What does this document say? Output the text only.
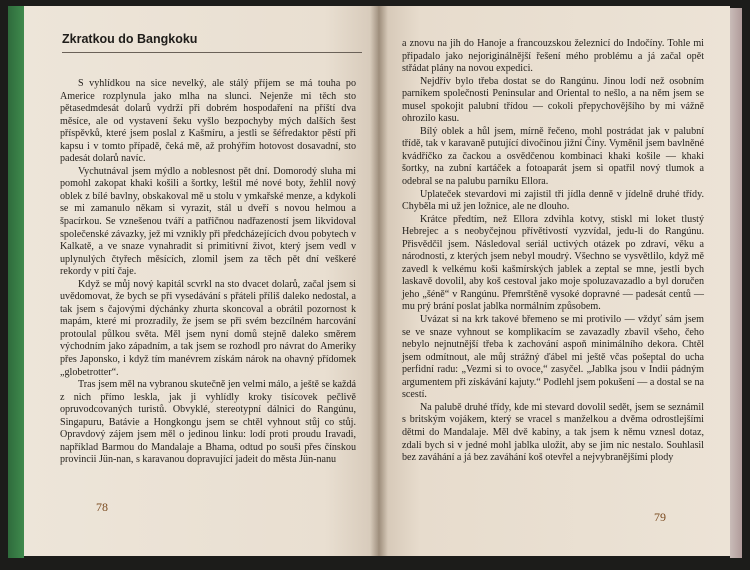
Zkratkou do Bangkoku

S vyhlídkou na sice nevelký, ale stálý příjem se má touha po Americe rozplynula jako mlha na slunci. Nejenže mi těch sto pětasedmdesát dolarů vydrží při dobrém hospodaření na příští dva měsíce, ale od vystavení šeku vyšlo bezpochyby mých dalších šest příspěvků, které jsem poslal z Kašmíru, a jestli se šéfredaktor pěstí při kapsu i v tomto případě, čeká mě, až prohýřím hotovost dosavadní, sto padesát dolarů navíc.

Vychutnával jsem mýdlo a noblesnost pět dní. Domorodý sluha mi pomohl zakopat khaki košili a šortky, leštil mé nové boty, žehlil nový oblek z bílé bavlny, obskakoval mě u stolu v ymkařské menze, a kdykoli se mi zamanulo někam si vyrazit, stál u dveří s novou helmou a špacírkou. Se vznešenou tváří a patřičnou nadřazeností jsem likvidoval společenské závazky, jež mi vznikly při předcházejících dvou pobytech v Kalkatě, a ve snaze vynahradit si primitivní život, který jsem vedl v uplynulých čtyřech měsících, zlomil jsem za těch pět dní veškeré rekordy v pití čaje.

Když se můj nový kapitál scvrkl na sto dvacet dolarů, začal jsem si uvědomovat, že bych se při vysedávání s přáteli příliš daleko nedostal, a tak jsem s čajovými dýchánky zhurta skoncoval a obrátil pozornost k mapám, které mi prozradily, že jsem se při svém bezcílném harcování protoulal půlkou světa. Měl jsem nyní domů stejně daleko směrem východním jako západním, a tak jsem se rozhodl pro návrat do Ameriky přes Japonsko, i když tím manévrem získám nárok na ohavný přídomek „globetrotter“.

Tras jsem měl na vybranou skutečně jen velmi málo, a ještě se každá z nich přímo leskla, jak ji vyhlídly kroky tisícovek pečlivě opruvodcovaných turistů. Obvyklé, stereotypní dálnici do Rangúnu, Singapuru, Batávie a Hongkongu jsem se chtěl vyhnout stůj co stůj. Opravdový zájem jsem měl o jedinou linku: lodí proti proudu Iravadi, například Barmou do Mandalaje a Bhama, odtud po souši přes čínskou provincii Jün-nan, s karavanou dopravující jadeit do města Jün-nanu

a znovu na jih do Hanoje a francouzskou železnicí do Indočíny. Tohle mi připadalo jako nejoriginálnější řešení mého problému a já začal opět střádat plány na novou expedici.

Nejdřív bylo třeba dostat se do Rangúnu. Jinou lodí než osobním parníkem společnosti Peninsular and Oriental to nešlo, a na něm jsem se musel spokojit palubní třídou — cokoli přepychovějšího by mi vážně ohrozilo kasu.

Bílý oblek a hůl jsem, mírně řečeno, mohl postrádat jak v palubní třídě, tak v karavaně putující divočinou jižní Číny. Vyměnil jsem bavlněné kvádříčko za čackou a osvědčenou kombinaci khaki košile — khaki šortky, na zubní kartáček a fotoaparát jsem si opatřil nový tlumok a odebral se na palubu parníku Ellora.

Uplateček stevardovi mi zajistil tři jídla denně v jídelně druhé třídy. Chyběla mi už jen ložnice, ale ne dlouho.

Krátce předtím, než Ellora zdvihla kotvy, stiskl mi loket tlustý Hebrejec a s neobyčejnou přívětivostí vyzvídal, jedu-li do Rangúnu. Přisvědčil jsem. Následoval seriál uctivých otázek po zdraví, věku a národnosti, z kterých jsem nebyl moudrý. Všechno se vysvětlilo, když mě zavedl k velkému koši kašmírských jablek a zeptal se mne, jestli bych laskavě dovolil, aby koš cestoval jako moje spoluzavazadlo a byl doručen jeho „šéně“ v Rangúnu. Přemrštěně vysoké dopravné — padesát centů — mu prý brání poslat jablka normálním způsobem.

Uvázat si na krk takové břemeno se mi protivilo — vždyť sám jsem se ve snaze vyhnout se komplikacím se zavazadly zbavil všeho, čeho nebylo nejnutnější třeba k zachování aspoň minimálního dekora. Chtěl jsem odmítnout, ale můj strážný ďábel mi ještě včas pošeptal do ucha perfidní radu: „Vezmi si to ovoce,“ zasyčel. „Jablka jsou v Indii pádným argumentem při získávání kajuty.“ Podlehl jsem pokušení — a dostal se na scestí.

Na palubě druhé třídy, kde mi stevard dovolil sedět, jsem se seznámil s britským vojákem, který se vracel s manželkou a dvěma odrostlejšími dětmi do Mandalaje. Měl dvě kabiny, a tak jsem k němu vznesl dotaz, zdali bych si v jedné mohl jablka uložit, aby se jim nic nestalo. Souhlasil bez zaváhání a já bez zaváhání koš otevřel a nejvybranějšími plody

78
79
